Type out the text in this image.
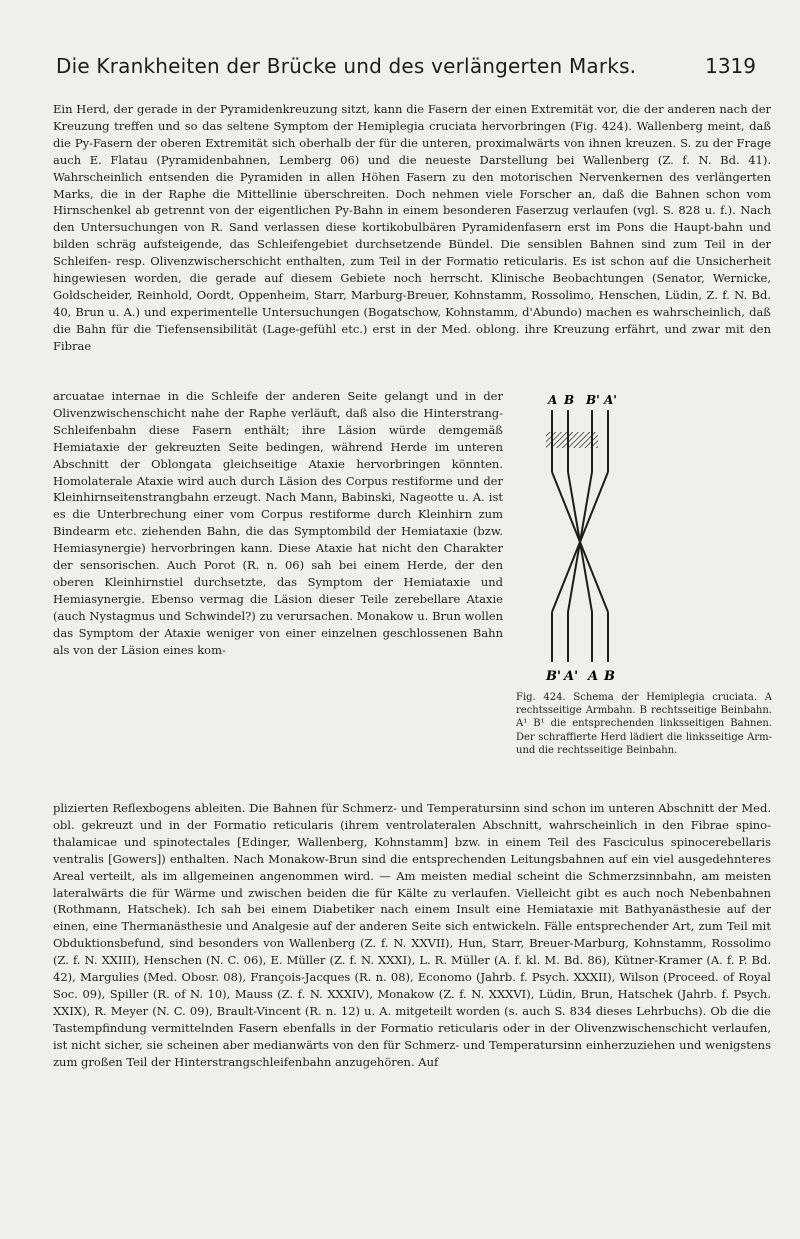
Die Krankheiten der Brücke und des verlängerten Marks.	1319

Ein Herd, der gerade in der Pyramidenkreuzung sitzt, kann die Fasern der einen Extremität vor, die der anderen nach der Kreuzung treffen und so das seltene Symptom der Hemiplegia cruciata hervorbringen (Fig. 424). Wallenberg meint, daß die Py-Fasern der oberen Extremität sich oberhalb der für die unteren, proximalwärts von ihnen kreuzen. S. zu der Frage auch E. Flatau (Pyramidenbahnen, Lemberg 06) und die neueste Darstellung bei Wallenberg (Z. f. N. Bd. 41). Wahrscheinlich entsenden die Pyramiden in allen Höhen Fasern zu den motorischen Nervenkernen des verlängerten Marks, die in der Raphe die Mittellinie überschreiten. Doch nehmen viele Forscher an, daß die Bahnen schon vom Hirnschenkel ab getrennt von der eigentlichen Py-Bahn in einem besonderen Faserzug verlaufen (vgl. S. 828 u. f.). Nach den Untersuchungen von R. Sand verlassen diese kortikobulbären Pyramidenfasern erst im Pons die Haupt-bahn und bilden schräg aufsteigende, das Schleifengebiet durchsetzende Bündel. Die sensiblen Bahnen sind zum Teil in der Schleifen- resp. Olivenzwischerschicht enthalten, zum Teil in der Formatio reticularis. Es ist schon auf die Unsicherheit hingewiesen worden, die gerade auf diesem Gebiete noch herrscht. Klinische Beobachtungen (Senator, Wernicke, Goldscheider, Reinhold, Oordt, Oppenheim, Starr, Marburg-Breuer, Kohnstamm, Rossolimo, Henschen, Lüdin, Z. f. N. Bd. 40, Brun u. A.) und experimentelle Untersuchungen (Bogatschow, Kohnstamm, d'Abundo) machen es wahrscheinlich, daß die Bahn für die Tiefensensibilität (Lage-gefühl etc.) erst in der Med. oblong. ihre Kreuzung erfährt, und zwar mit den Fibrae

arcuatae internae in die Schleife der anderen Seite gelangt und in der Olivenzwischenschicht nahe der Raphe verläuft, daß also die Hinterstrang-Schleifenbahn diese Fasern enthält; ihre Läsion würde demgemäß Hemiataxie der gekreuzten Seite bedingen, während Herde im unteren Abschnitt der Oblongata gleichseitige Ataxie hervorbringen könnten. Homolaterale Ataxie wird auch durch Läsion des Corpus restiforme und der Kleinhirnseitenstrangbahn erzeugt. Nach Mann, Babinski, Nageotte u. A. ist es die Unterbrechung einer vom Corpus restiforme durch Kleinhirn zum Bindearm etc. ziehenden Bahn, die das Symptombild der Hemiataxie (bzw. Hemiasynergie) hervorbringen kann. Diese Ataxie hat nicht den Charakter der sensorischen. Auch Porot (R. n. 06) sah bei einem Herde, der den oberen Kleinhirnstiel durchsetzte, das Symptom der Hemiataxie und Hemiasynergie. Ebenso vermag die Läsion dieser Teile zerebellare Ataxie (auch Nystagmus und Schwindel?) zu verursachen. Monakow u. Brun wollen das Symptom der Ataxie weniger von einer einzelnen geschlossenen Bahn als von der Läsion eines kom-

A B B' A'
B' A' A B
Fig. 424. Schema der Hemiplegia cruciata. A rechtsseitige Armbahn. B rechtsseitige Beinbahn. A¹ B¹ die entsprechenden linksseitigen Bahnen. Der schraffierte Herd lädiert die linksseitige Arm- und die rechtsseitige Beinbahn.

plizierten Reflexbogens ableiten. Die Bahnen für Schmerz- und Temperatursinn sind schon im unteren Abschnitt der Med. obl. gekreuzt und in der Formatio reticularis (ihrem ventrolateralen Abschnitt, wahrscheinlich in den Fibrae spino-thalamicae und spinotectales [Edinger, Wallenberg, Kohnstamm] bzw. in einem Teil des Fasciculus spinocerebellaris ventralis [Gowers]) enthalten. Nach Monakow-Brun sind die entsprechenden Leitungsbahnen auf ein viel ausgedehnteres Areal verteilt, als im allgemeinen angenommen wird. — Am meisten medial scheint die Schmerzsinnbahn, am meisten lateralwärts die für Wärme und zwischen beiden die für Kälte zu verlaufen. Vielleicht gibt es auch noch Nebenbahnen (Rothmann, Hatschek). Ich sah bei einem Diabetiker nach einem Insult eine Hemiataxie mit Bathyanästhesie auf der einen, eine Thermanästhesie und Analgesie auf der anderen Seite sich entwickeln. Fälle entsprechender Art, zum Teil mit Obduktionsbefund, sind besonders von Wallenberg (Z. f. N. XXVII), Hun, Starr, Breuer-Marburg, Kohnstamm, Rossolimo (Z. f. N. XXIII), Henschen (N. C. 06), E. Müller (Z. f. N. XXXI), L. R. Müller (A. f. kl. M. Bd. 86), Kütner-Kramer (A. f. P. Bd. 42), Margulies (Med. Obosr. 08), François-Jacques (R. n. 08), Economo (Jahrb. f. Psych. XXXII), Wilson (Proceed. of Royal Soc. 09), Spiller (R. of N. 10), Mauss (Z. f. N. XXXIV), Monakow (Z. f. N. XXXVI), Lüdin, Brun, Hatschek (Jahrb. f. Psych. XXIX), R. Meyer (N. C. 09), Brault-Vincent (R. n. 12) u. A. mitgeteilt worden (s. auch S. 834 dieses Lehrbuchs). Ob die die Tastempfindung vermittelnden Fasern ebenfalls in der Formatio reticularis oder in der Olivenzwischenschicht verlaufen, ist nicht sicher, sie scheinen aber medianwärts von den für Schmerz- und Temperatursinn einherzuziehen und wenigstens zum großen Teil der Hinterstrangschleifenbahn anzugehören. Auf
